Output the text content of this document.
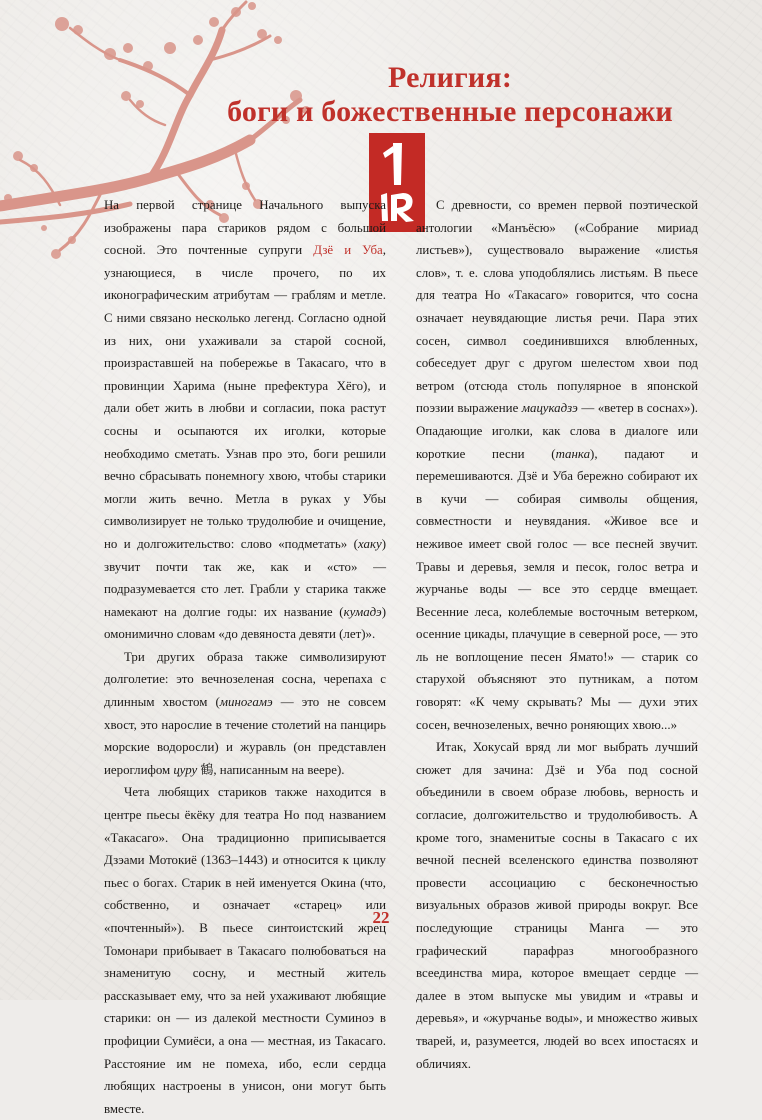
Религия:
боги и божественные персонажи

На первой странице Начального выпуска изображены пара стариков рядом с большой сосной. Это почтенные супруги Дзё и Уба, узнающиеся, в числе прочего, по их иконографическим атрибутам — граблям и метле. С ними связано несколько легенд. Согласно одной из них, они ухаживали за старой сосной, произраставшей на побережье в Такасаго, что в провинции Харима (ныне префектура Хёго), и дали обет жить в любви и согласии, пока растут сосны и осыпаются их иголки, которые необходимо сметать. Узнав про это, боги решили вечно сбрасывать понемногу хвою, чтобы старики могли жить вечно. Метла в руках у Убы символизирует не только трудолюбие и очищение, но и долгожительство: слово «подметать» (хаку) звучит почти так же, как и «сто» — подразумевается сто лет. Грабли у старика также намекают на долгие годы: их название (кумадэ) омонимично словам «до девяноста девяти (лет)».

Три других образа также символизируют долголетие: это вечнозеленая сосна, черепаха с длинным хвостом (миногамэ — это не совсем хвост, это нарослие в течение столетий на панцирь морские водоросли) и журавль (он представлен иероглифом цуру 鶴, написанным на веере).

Чета любящих стариков также находится в центре пьесы ёкёку для театра Но под названием «Такасаго». Она традиционно приписывается Дзэами Мотокиё (1363–1443) и относится к циклу пьес о богах. Старик в ней именуется Окина (что, собственно, и означает «старец» или «почтенный»). В пьесе синтоистский жрец Томонари прибывает в Такасаго полюбоваться на знаменитую сосну, и местный житель рассказывает ему, что за ней ухаживают любящие старики: он — из далекой местности Суминоэ в профиции Сумиёси, а она — местная, из Такасаго. Расстояние им не помеха, ибо, если сердца любящих настроены в унисон, они могут быть вместе.

С древности, со времен первой поэтической антологии «Манъёсю» («Собрание мириад листьев»), существовало выражение «листья слов», т. е. слова уподоблялись листьям. В пьесе для театра Но «Такасаго» говорится, что сосна означает неувядающие листья речи. Пара этих сосен, символ соединившихся влюбленных, собеседует друг с другом шелестом хвои под ветром (отсюда столь популярное в японской поэзии выражение мацукадзэ — «ветер в соснах»). Опадающие иголки, как слова в диалоге или короткие песни (танка), падают и перемешиваются. Дзё и Уба бережно собирают их в кучи — собирая символы общения, совместности и неувядания. «Живое все и неживое имеет свой голос — все песней звучит. Травы и деревья, земля и песок, голос ветра и журчанье воды — все это сердце вмещает. Весенние леса, колеблемые восточным ветерком, осенние цикады, плачущие в северной росе, — это ль не воплощение песен Ямато!» — старик со старухой объясняют это путникам, а потом говорят: «К чему скрывать? Мы — духи этих сосен, вечнозеленых, вечно роняющих хвою...»

Итак, Хокусай вряд ли мог выбрать лучший сюжет для зачина: Дзё и Уба под сосной объединили в своем образе любовь, верность и согласие, долгожительство и трудолюбивость. А кроме того, знаменитые сосны в Такасаго с их вечной песней вселенского единства позволяют провести ассоциацию с бесконечностью визуальных образов живой природы вокруг. Все последующие страницы Манга — это графический парафраз многообразного всеединства мира, которое вмещает сердце — далее в этом выпуске мы увидим и «травы и деревья», и «журчанье воды», и множество живых тварей, и, разумеется, людей во всех ипостасях и обличиях.

22
